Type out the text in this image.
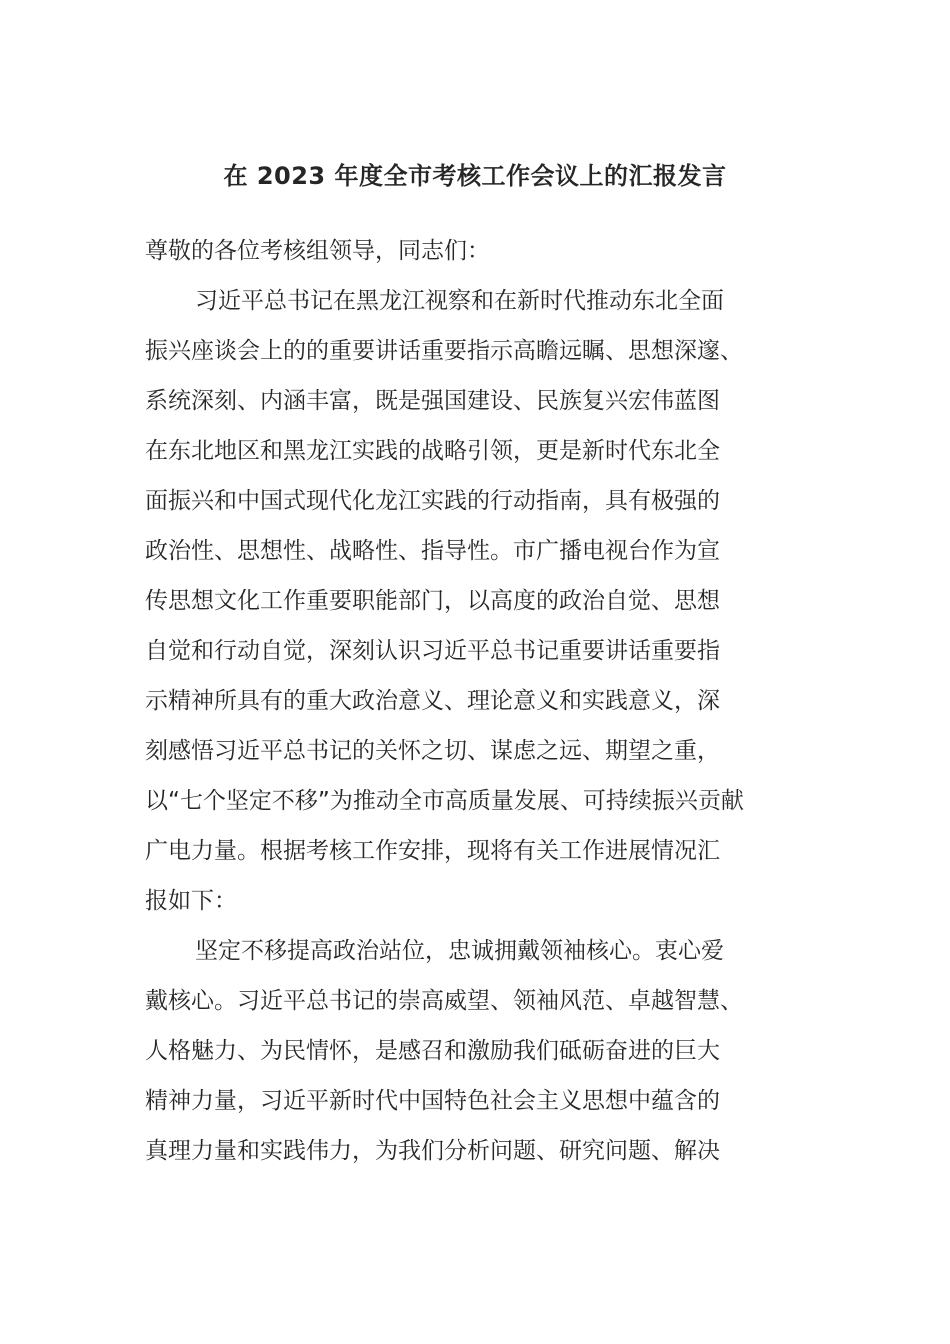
在 2023 年度全市考核工作会议上的汇报发言
尊敬的各位考核组领导，同志们：
习近平总书记在黑龙江视察和在新时代推动东北全面
振兴座谈会上的的重要讲话重要指示高瞻远瞩、思想深邃、
系统深刻、内涵丰富，既是强国建设、民族复兴宏伟蓝图
在东北地区和黑龙江实践的战略引领，更是新时代东北全
面振兴和中国式现代化龙江实践的行动指南，具有极强的
政治性、思想性、战略性、指导性。市广播电视台作为宣
传思想文化工作重要职能部门，以高度的政治自觉、思想
自觉和行动自觉，深刻认识习近平总书记重要讲话重要指
示精神所具有的重大政治意义、理论意义和实践意义，深
刻感悟习近平总书记的关怀之切、谋虑之远、期望之重，
以“七个坚定不移”为推动全市高质量发展、可持续振兴贡献
广电力量。根据考核工作安排，现将有关工作进展情况汇
报如下：
坚定不移提高政治站位，忠诚拥戴领袖核心。衷心爱
戴核心。习近平总书记的崇高威望、领袖风范、卓越智慧、
人格魅力、为民情怀，是感召和激励我们砥砺奋进的巨大
精神力量，习近平新时代中国特色社会主义思想中蕴含的
真理力量和实践伟力，为我们分析问题、研究问题、解决
